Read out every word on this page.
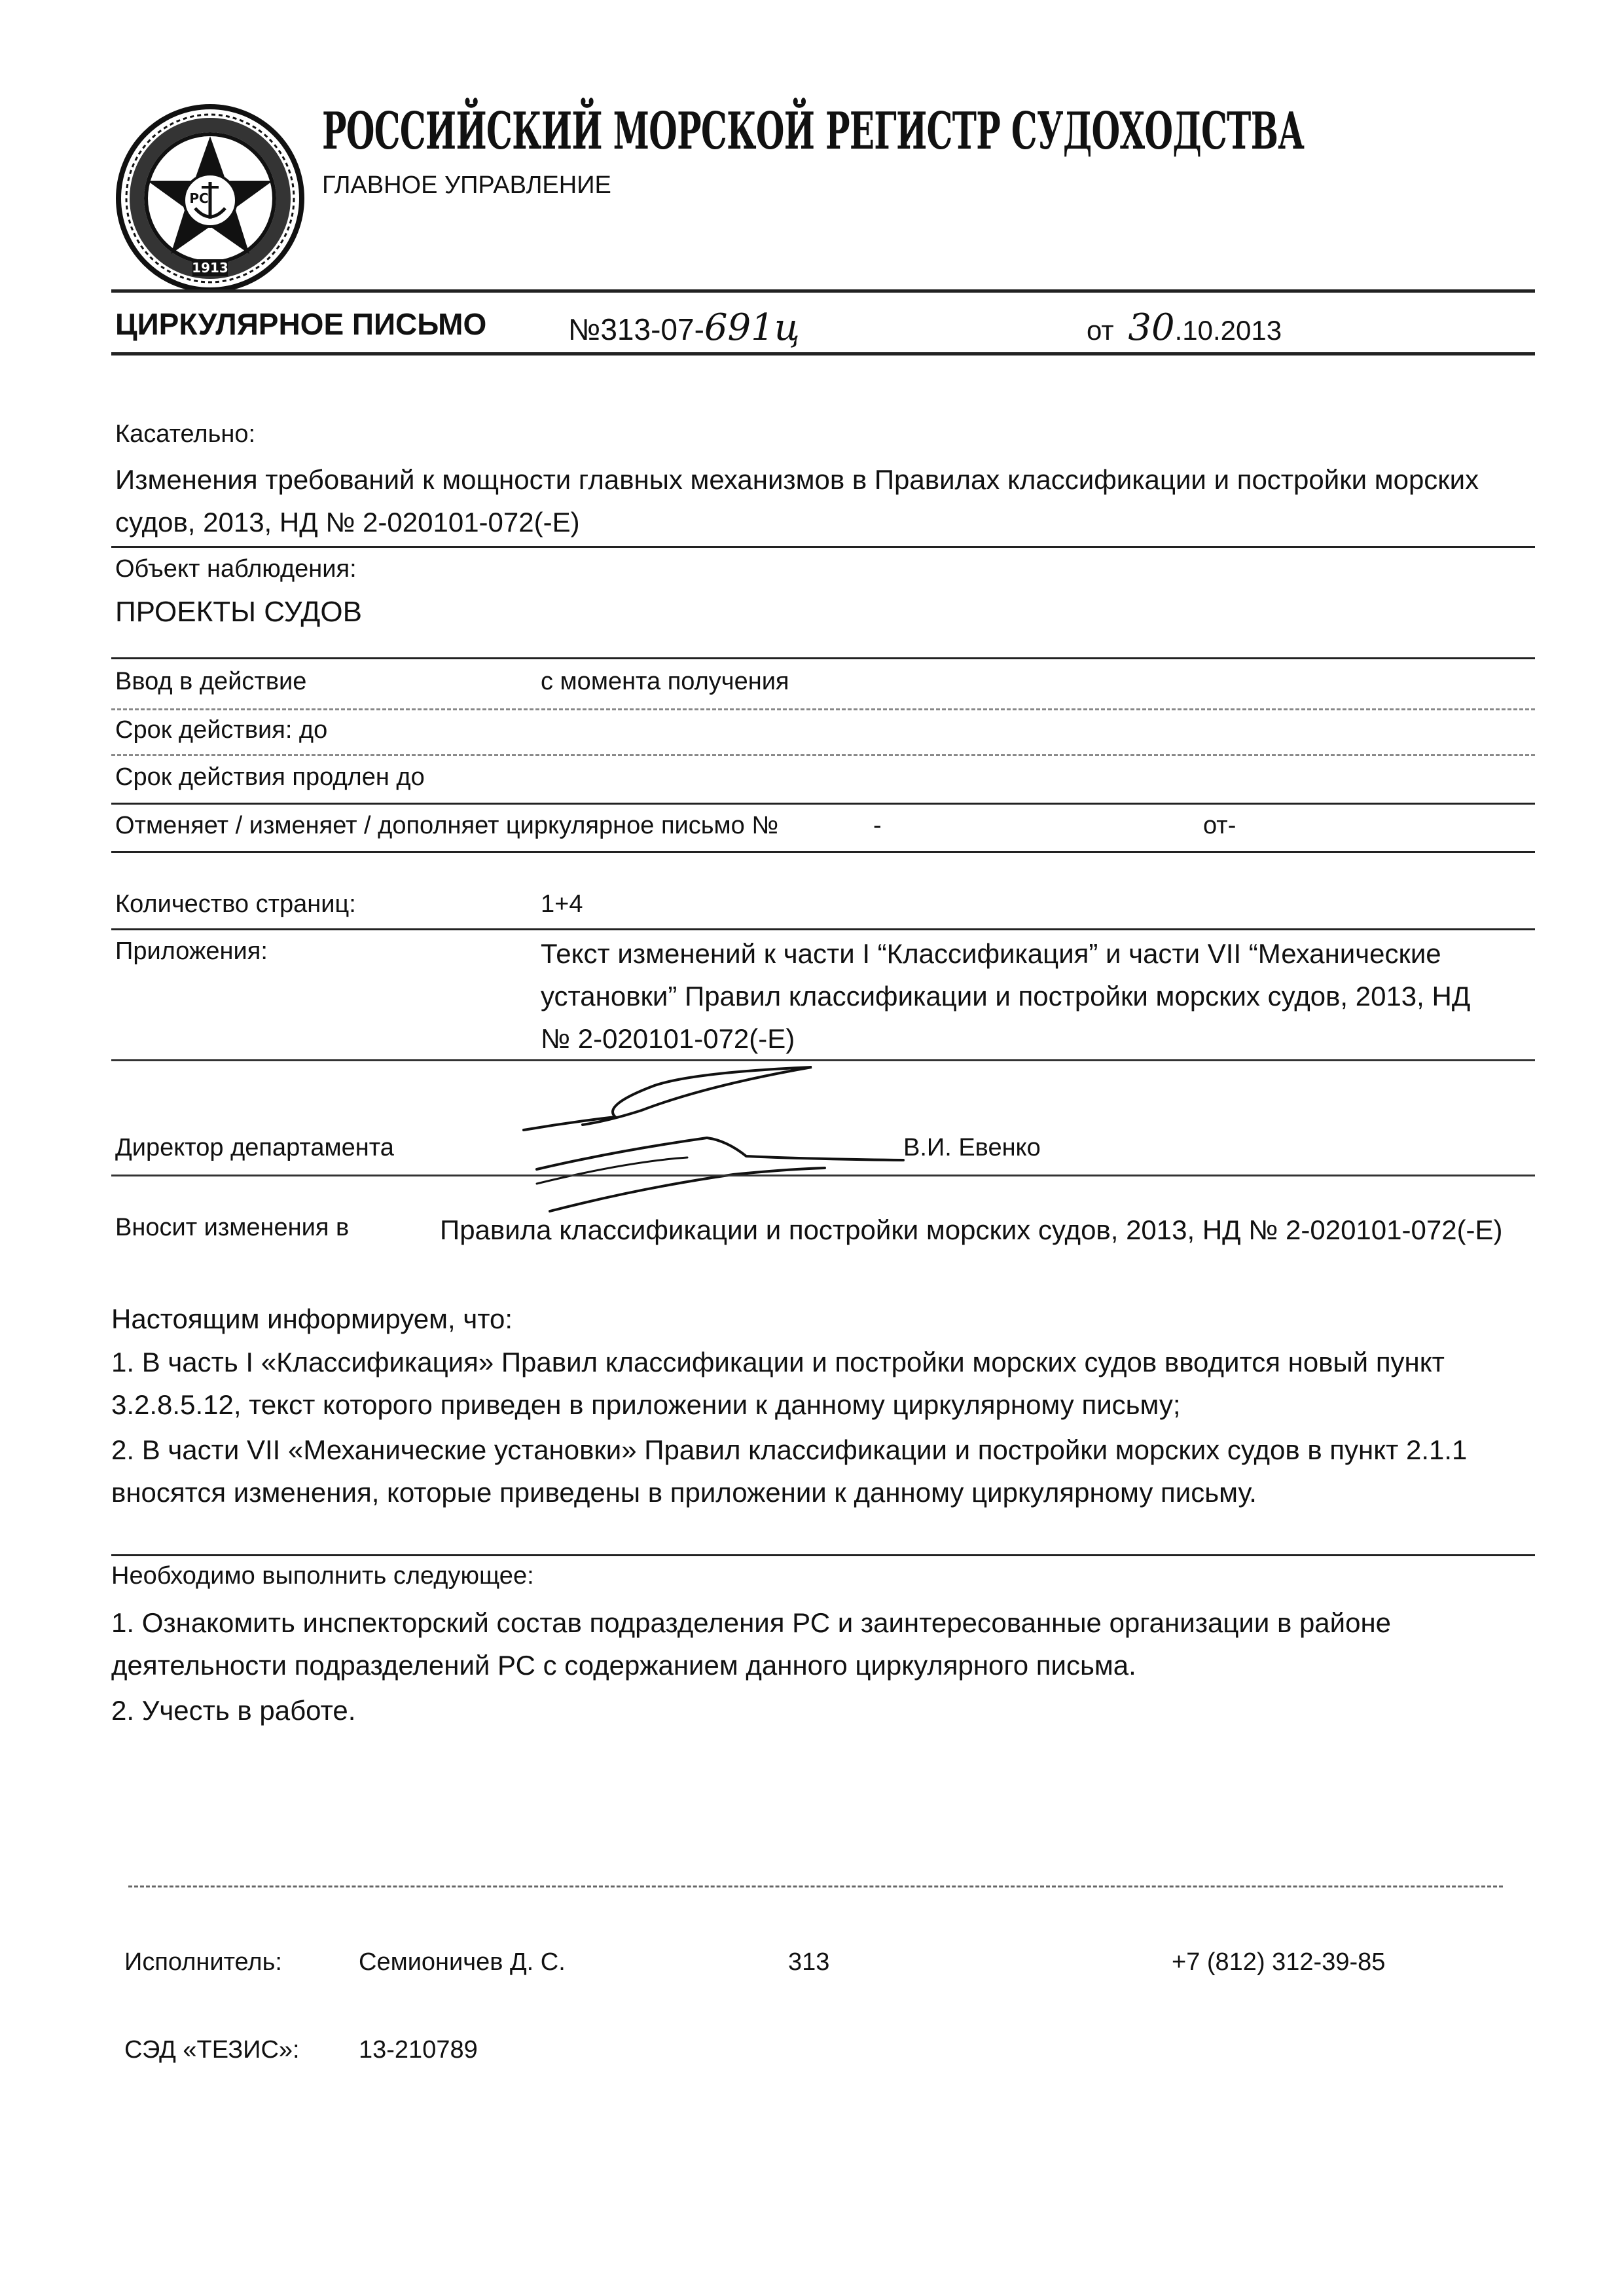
РС
1913
РОССИЙСКИЙ МОРСКОЙ РЕГИСТР СУДОХОДСТВА
ГЛАВНОЕ УПРАВЛЕНИЕ
ЦИРКУЛЯРНОЕ ПИСЬМО	№313-07-691ц	от 30.10.2013
Касательно:
Изменения требований к мощности главных механизмов в Правилах классификации и постройки морских судов, 2013, НД № 2-020101-072(-E)
Объект наблюдения:
ПРОЕКТЫ СУДОВ
Ввод в действие	с момента получения
Срок действия: до
Срок действия продлен до
Отменяет / изменяет / дополняет циркулярное письмо №	-	от-
Количество страниц:	1+4
Приложения:	Текст изменений к части I “Классификация” и части VII “Механические установки” Правил классификации и постройки морских судов, 2013, НД № 2-020101-072(-E)
Директор департамента	В.И. Евенко
Вносит изменения в	Правила классификации и постройки морских судов, 2013, НД № 2-020101-072(-E)
Настоящим информируем, что:
1. В часть I «Классификация» Правил классификации и постройки морских судов вводится новый пункт 3.2.8.5.12, текст которого приведен в приложении к данному циркулярному письму;
2. В части VII «Механические установки» Правил классификации и постройки морских судов в пункт 2.1.1 вносятся изменения, которые приведены в приложении к данному циркулярному письму.
Необходимо выполнить следующее:
1. Ознакомить инспекторский состав подразделения РС и заинтересованные организации в районе деятельности подразделений РС с содержанием данного циркулярного письма.
2. Учесть в работе.
Исполнитель:	Семионичев Д. С.	313	+7 (812) 312-39-85
СЭД «ТЕЗИС»: 13-210789
